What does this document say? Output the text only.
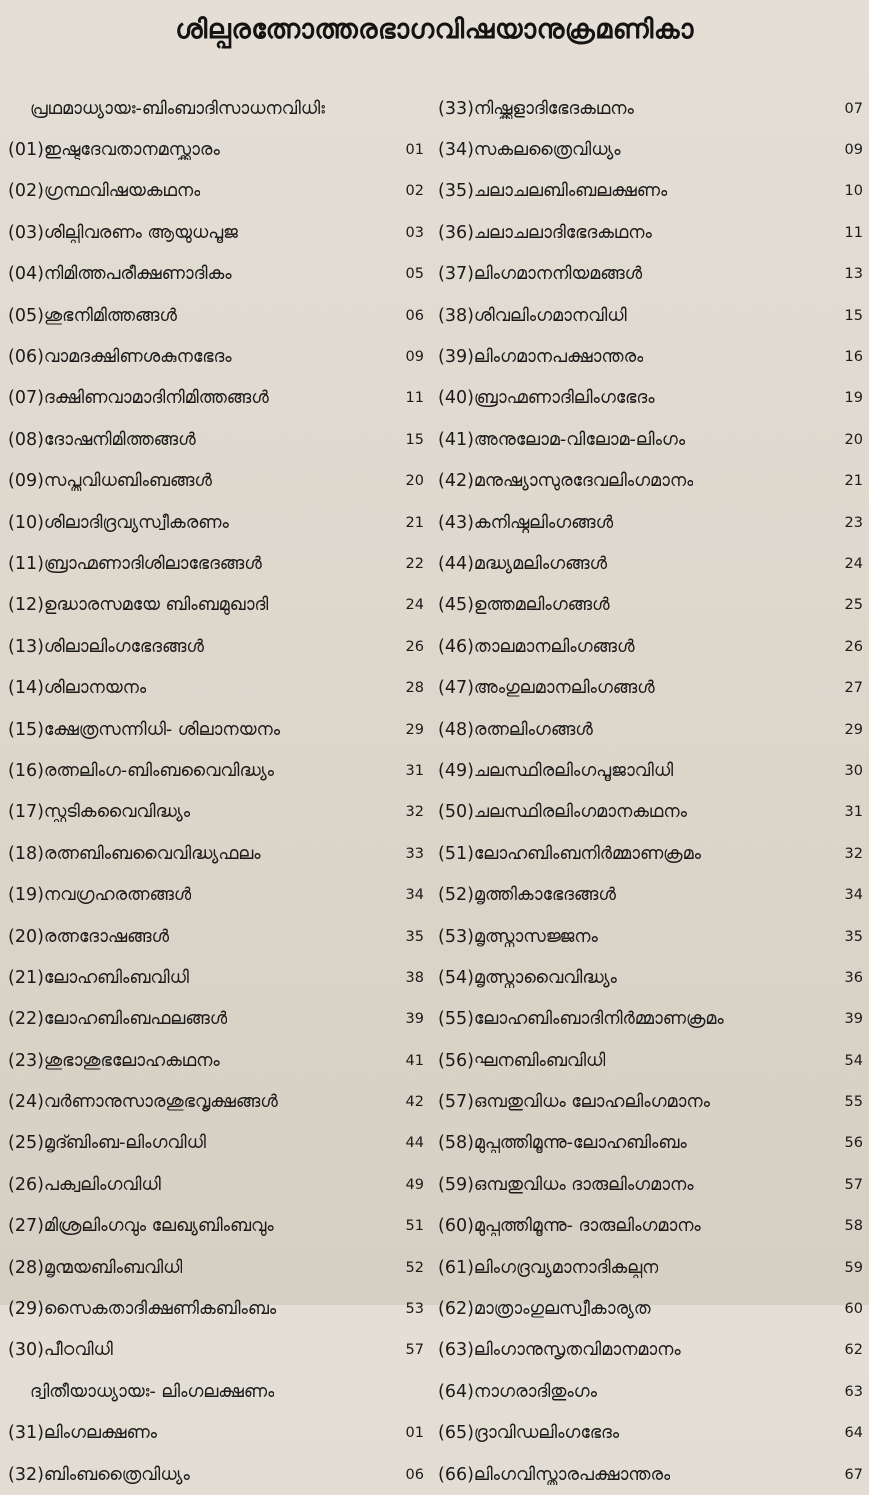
ശില്പരത്നോത്തരഭാഗവിഷയാനുക്രമണികാ
പ്രഥമാധ്യായഃ-ബിംബാദിസാധനവിധിഃ
(01)ഇഷ്ടദേവതാനമസ്ക്കാരം	01
(02)ഗ്രന്ഥവിഷയകഥനം	02
(03)ശില്പിവരണം ആയുധപൂജ	03
(04)നിമിത്തപരീക്ഷണാദികം	05
(05)ശുഭനിമിത്തങ്ങൾ	06
(06)വാമദക്ഷിണശകുനഭേദം	09
(07)ദക്ഷിണവാമാദിനിമിത്തങ്ങൾ	11
(08)ദോഷനിമിത്തങ്ങൾ	15
(09)സപ്തവിധബിംബങ്ങൾ	20
(10)ശിലാദിദ്രവ്യസ്വീകരണം	21
(11)ബ്രാഹ്മണാദിശിലാഭേദങ്ങൾ	22
(12)ഉദ്ധാരസമയേ ബിംബമുഖാദി	24
(13)ശിലാലിംഗഭേദങ്ങൾ	26
(14)ശിലാനയനം	28
(15)ക്ഷേത്രസന്നിധി- ശിലാനയനം	29
(16)രത്നലിംഗ-ബിംബവൈവിദ്ധ്യം	31
(17)സ്ഫടികവൈവിദ്ധ്യം	32
(18)രത്നബിംബവൈവിദ്ധ്യഫലം	33
(19)നവഗ്രഹരത്നങ്ങൾ	34
(20)രത്നദോഷങ്ങൾ	35
(21)ലോഹബിംബവിധി	38
(22)ലോഹബിംബഫലങ്ങൾ	39
(23)ശുഭാശുഭലോഹകഥനം	41
(24)വർണാനുസാരശുഭവൃക്ഷങ്ങൾ	42
(25)മൃദ്ബിംബ-ലിംഗവിധി	44
(26)പക്വലിംഗവിധി	49
(27)മിശ്രലിംഗവും ലേഖ്യബിംബവും	51
(28)മൃന്മയബിംബവിധി	52
(29)സൈകതാദിക്ഷണികബിംബം	53
(30)പീഠവിധി	57
ദ്വിതീയാധ്യായഃ- ലിംഗലക്ഷണം
(31)ലിംഗലക്ഷണം	01
(32)ബിംബത്രൈവിധ്യം	06
(33)നിഷ്ക്കളാദിഭേദകഥനം	07
(34)സകലത്രൈവിധ്യം	09
(35)ചലാചലബിംബലക്ഷണം	10
(36)ചലാചലാദിഭേദകഥനം	11
(37)ലിംഗമാനനിയമങ്ങൾ	13
(38)ശിവലിംഗമാനവിധി	15
(39)ലിംഗമാനപക്ഷാന്തരം	16
(40)ബ്രാഹ്മണാദിലിംഗഭേദം	19
(41)അനുലോമ-വിലോമ-ലിംഗം	20
(42)മനുഷ്യാസുരദേവലിംഗമാനം	21
(43)കനിഷ്ഠലിംഗങ്ങൾ	23
(44)മദ്ധ്യമലിംഗങ്ങൾ	24
(45)ഉത്തമലിംഗങ്ങൾ	25
(46)താലമാനലിംഗങ്ങൾ	26
(47)അംഗുലമാനലിംഗങ്ങൾ	27
(48)രത്നലിംഗങ്ങൾ	29
(49)ചലസ്ഥിരലിംഗപൂജാവിധി	30
(50)ചലസ്ഥിരലിംഗമാനകഥനം	31
(51)ലോഹബിംബനിർമ്മാണക്രമം	32
(52)മൃത്തികാഭേദങ്ങൾ	34
(53)മൃത്സ്നാസജ്ജനം	35
(54)മൃത്സ്നാവൈവിദ്ധ്യം	36
(55)ലോഹബിംബാദിനിർമ്മാണക്രമം	39
(56)ഘനബിംബവിധി	54
(57)ഒമ്പതുവിധം ലോഹലിംഗമാനം	55
(58)മുപ്പത്തിമൂന്നു-ലോഹബിംബം	56
(59)ഒമ്പതുവിധം ദാരുലിംഗമാനം	57
(60)മുപ്പത്തിമൂന്നു- ദാരുലിംഗമാനം	58
(61)ലിംഗദ്രവ്യമാനാദികല്പന	59
(62)മാത്രാംഗുലസ്വീകാര്യത	60
(63)ലിംഗാനുസൃതവിമാനമാനം	62
(64)നാഗരാദിതുംഗം	63
(65)ദ്രാവിഡലിംഗഭേദം	64
(66)ലിംഗവിസ്താരപക്ഷാന്തരം	67
